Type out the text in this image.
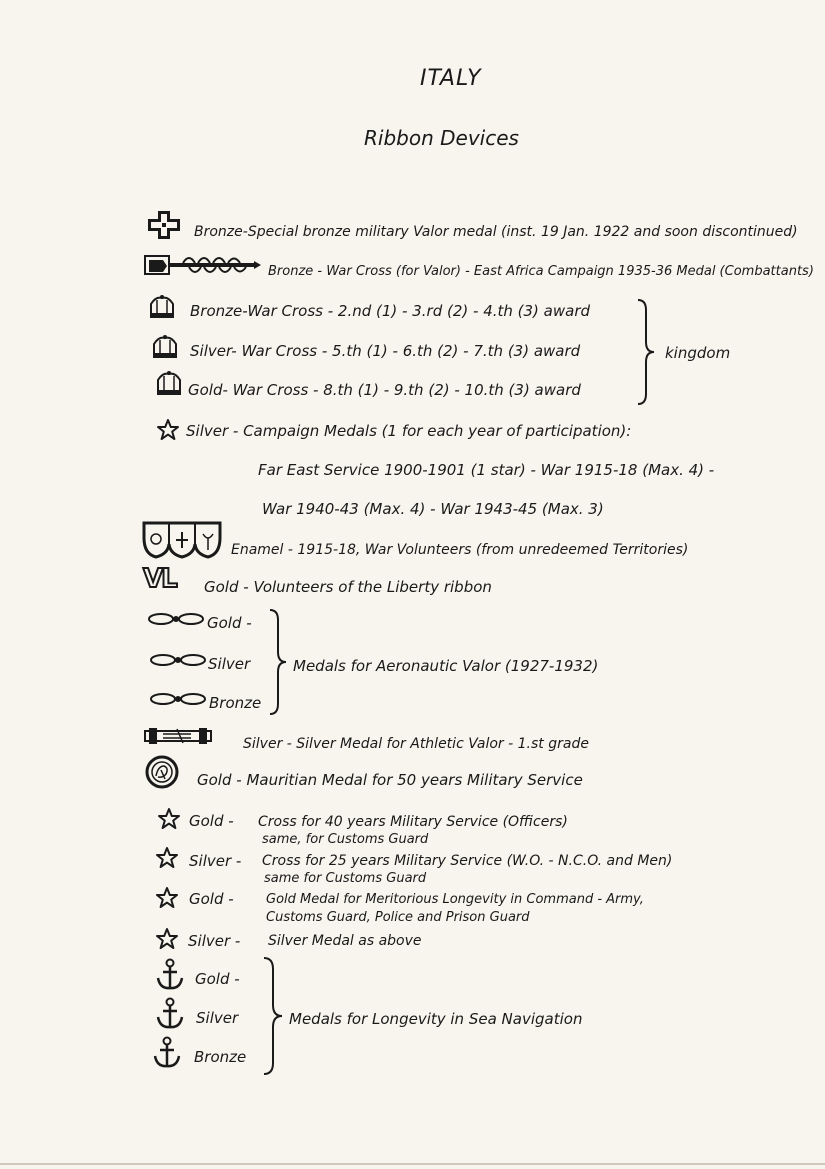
ITALY
Ribbon Devices
Bronze-Special bronze military Valor medal (inst. 19 Jan. 1922 and soon discontinued)
Bronze - War Cross (for Valor) - East Africa Campaign 1935-36 Medal (Combattants)
Bronze-War Cross - 2.nd (1) - 3.rd (2) - 4.th (3) award
Silver- War Cross - 5.th (1) - 6.th (2) - 7.th (3) award
Gold- War Cross - 8.th (1) - 9.th (2) - 10.th (3) award
kingdom
Silver - Campaign Medals (1 for each year of participation):
Far East Service 1900-1901 (1 star) - War 1915-18 (Max. 4) -
War 1940-43 (Max. 4) - War 1943-45 (Max. 3)
Enamel - 1915-18, War Volunteers (from unredeemed Territories)
VL Gold - Volunteers of the Liberty ribbon
Gold -
Silver
Bronze
Medals for Aeronautic Valor (1927-1932)
Silver - Silver Medal for Athletic Valor - 1.st grade
Gold - Mauritian Medal for 50 years Military Service
Gold - Cross for 40 years Military Service (Officers)
same, for Customs Guard
Silver - Cross for 25 years Military Service (W.O. - N.C.O. and Men)
same for Customs Guard
Gold - Gold Medal for Meritorious Longevity in Command - Army,
Customs Guard, Police and Prison Guard
Silver - Silver Medal as above
Gold -
Silver
Bronze
Medals for Longevity in Sea Navigation
